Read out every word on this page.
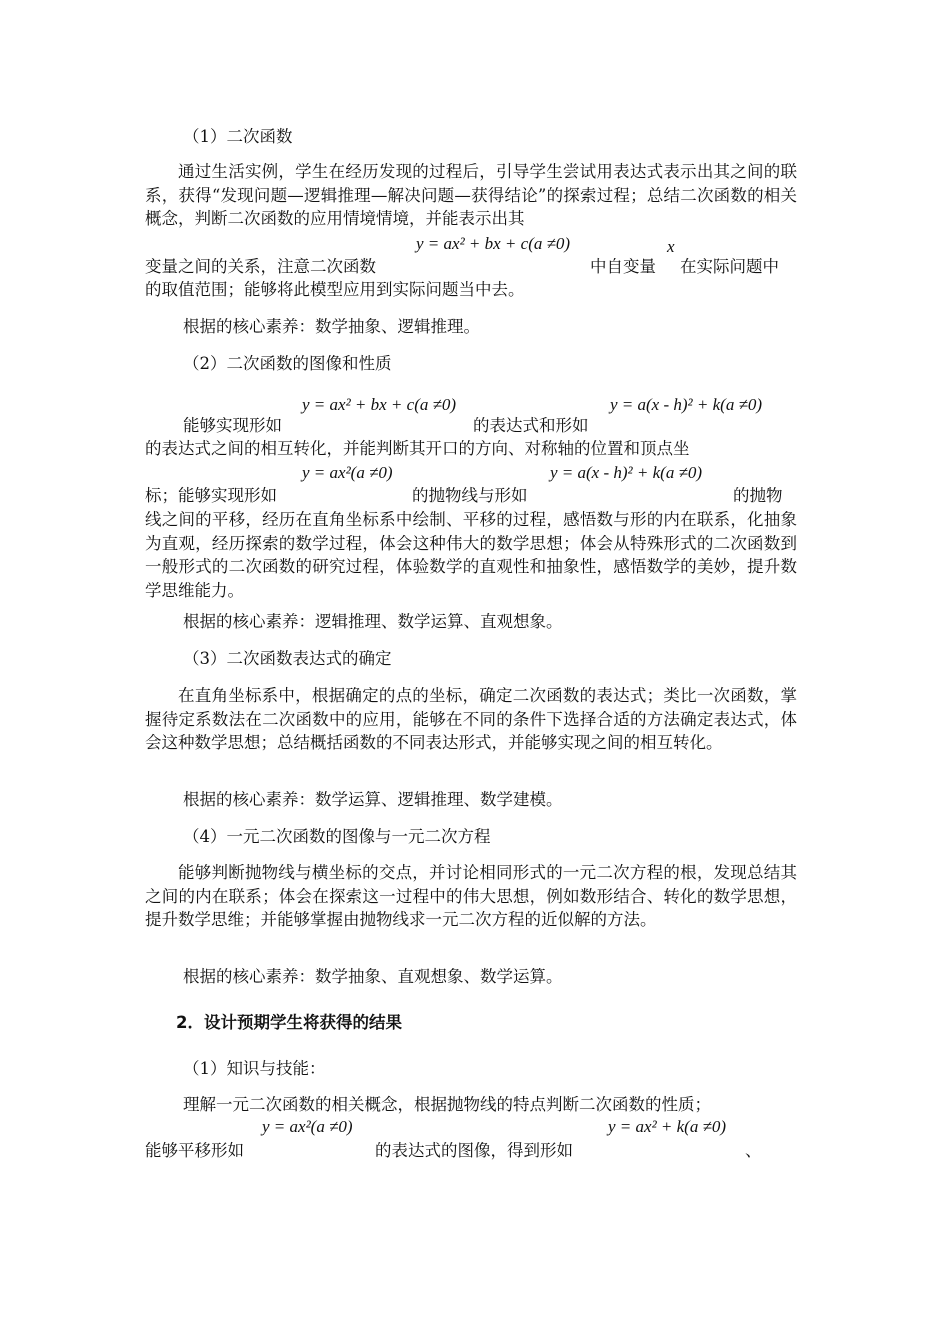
（1）二次函数
通过生活实例，学生在经历发现的过程后，引导学生尝试用表达式表示出其之间的联系，获得“发现问题—逻辑推理—解决问题—获得结论”的探索过程；总结二次函数的相关概念，判断二次函数的应用情境情境，并能表示出其
y = ax² + bx + c(a ≠0)	x
变量之间的关系，注意二次函数	中自变量 在实际问题中
的取值范围；能够将此模型应用到实际问题当中去。
根据的核心素养：数学抽象、逻辑推理。
（2）二次函数的图像和性质
y = ax² + bx + c(a ≠0)	y = a(x - h)² + k(a ≠0)
能够实现形如	的表达式和形如
的表达式之间的相互转化，并能判断其开口的方向、对称轴的位置和顶点坐
y = ax²(a ≠0)	y = a(x - h)² + k(a ≠0)
标；能够实现形如	的抛物线与形如	的抛物
线之间的平移，经历在直角坐标系中绘制、平移的过程，感悟数与形的内在联系，化抽象为直观，经历探索的数学过程，体会这种伟大的数学思想；体会从特殊形式的二次函数到一般形式的二次函数的研究过程，体验数学的直观性和抽象性，感悟数学的美妙，提升数学思维能力。
根据的核心素养：逻辑推理、数学运算、直观想象。
（3）二次函数表达式的确定
在直角坐标系中，根据确定的点的坐标，确定二次函数的表达式；类比一次函数，掌握待定系数法在二次函数中的应用，能够在不同的条件下选择合适的方法确定表达式，体会这种数学思想；总结概括函数的不同表达形式，并能够实现之间的相互转化。
根据的核心素养：数学运算、逻辑推理、数学建模。
（4）一元二次函数的图像与一元二次方程
能够判断抛物线与横坐标的交点，并讨论相同形式的一元二次方程的根，发现总结其之间的内在联系；体会在探索这一过程中的伟大思想，例如数形结合、转化的数学思想，提升数学思维；并能够掌握由抛物线求一元二次方程的近似解的方法。
根据的核心素养：数学抽象、直观想象、数学运算。
2．设计预期学生将获得的结果
（1）知识与技能：
理解一元二次函数的相关概念，根据抛物线的特点判断二次函数的性质；
y = ax²(a ≠0)	y = ax² + k(a ≠0)
能够平移形如	的表达式的图像，得到形如	、
